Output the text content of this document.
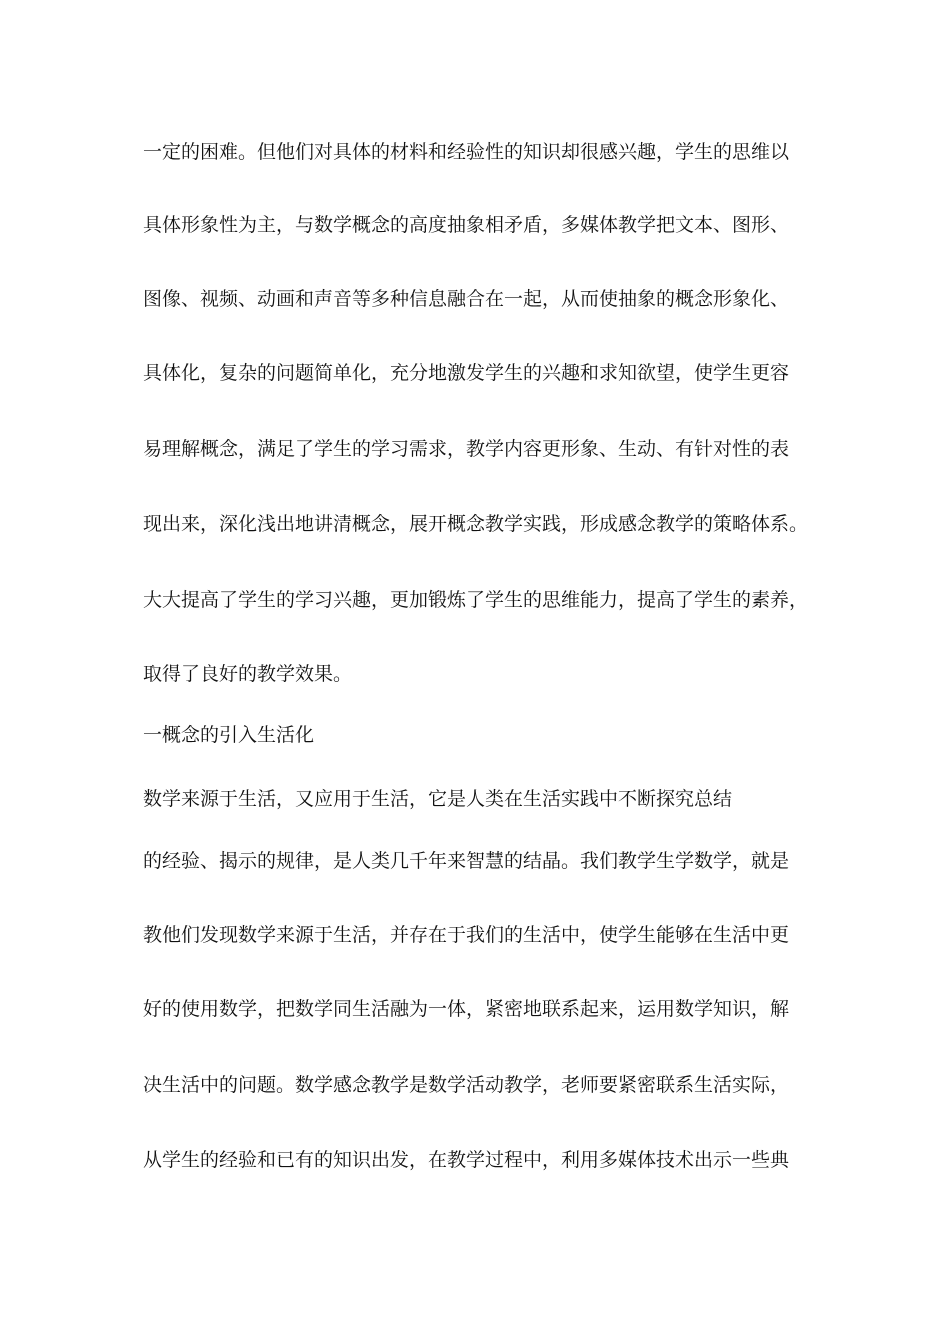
一定的困难。但他们对具体的材料和经验性的知识却很感兴趣，学生的思维以
具体形象性为主，与数学概念的高度抽象相矛盾，多媒体教学把文本、图形、
图像、视频、动画和声音等多种信息融合在一起，从而使抽象的概念形象化、
具体化，复杂的问题简单化，充分地激发学生的兴趣和求知欲望，使学生更容
易理解概念，满足了学生的学习需求，教学内容更形象、生动、有针对性的表
现出来，深化浅出地讲清概念，展开概念教学实践，形成感念教学的策略体系。
大大提高了学生的学习兴趣，更加锻炼了学生的思维能力，提高了学生的素养，
取得了良好的教学效果。
一概念的引入生活化
数学来源于生活，又应用于生活，它是人类在生活实践中不断探究总结
的经验、揭示的规律，是人类几千年来智慧的结晶。我们教学生学数学，就是
教他们发现数学来源于生活，并存在于我们的生活中，使学生能够在生活中更
好的使用数学，把数学同生活融为一体，紧密地联系起来，运用数学知识，解
决生活中的问题。数学感念教学是数学活动教学，老师要紧密联系生活实际，
从学生的经验和已有的知识出发，在教学过程中，利用多媒体技术出示一些典
